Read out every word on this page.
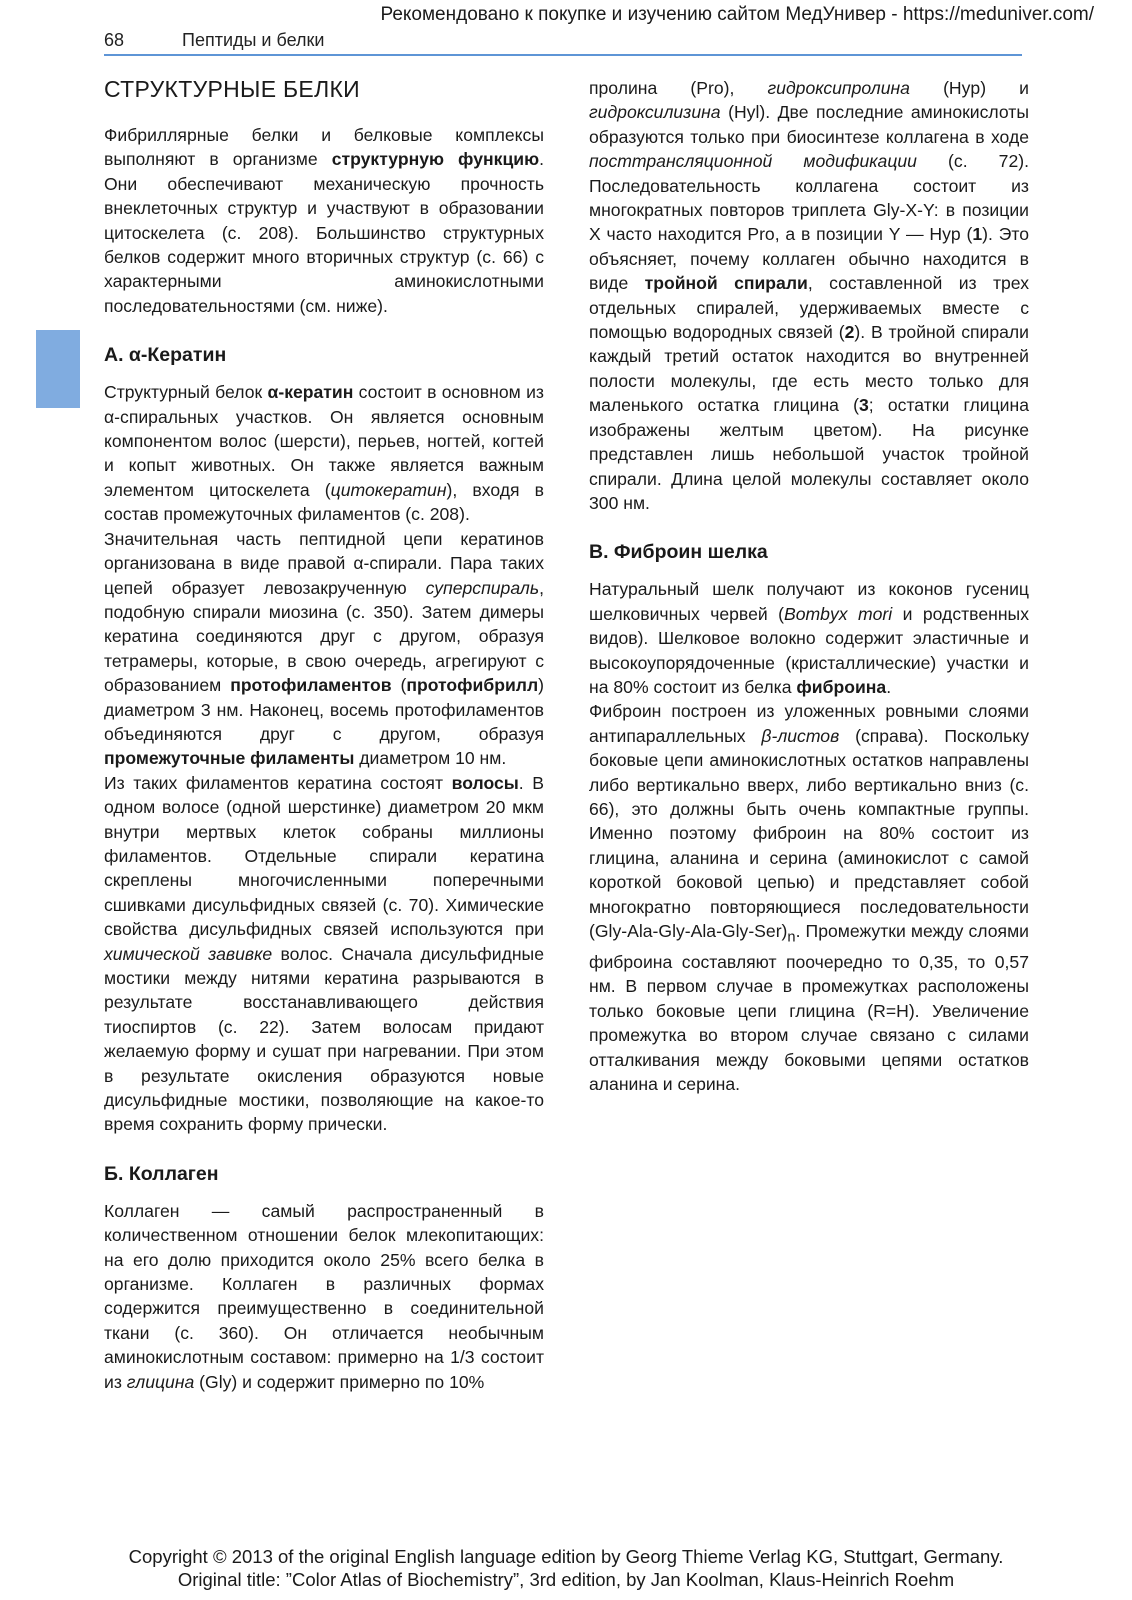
Рекомендовано к покупке и изучению сайтом МедУнивер - https://meduniver.com/
68	Пептиды и белки
СТРУКТУРНЫЕ БЕЛКИ

Фибриллярные белки и белковые комплексы выполняют в организме структурную функцию. Они обеспечивают механическую прочность внеклеточных структур и участвуют в образовании цитоскелета (с. 208). Большинство структурных белков содержит много вторичных структур (с. 66) с характерными аминокислотными последовательностями (см. ниже).

А. α-Кератин

Структурный белок α-кератин состоит в основном из α-спиральных участков. Он является основным компонентом волос (шерсти), перьев, ногтей, когтей и копыт животных. Он также является важным элементом цитоскелета (цитокератин), входя в состав промежуточных филаментов (с. 208).

Значительная часть пептидной цепи кератинов организована в виде правой α-спирали. Пара таких цепей образует левозакрученную суперспираль, подобную спирали миозина (с. 350). Затем димеры кератина соединяются друг с другом, образуя тетрамеры, которые, в свою очередь, агрегируют с образованием протофиламентов (протофибрилл) диаметром 3 нм. Наконец, восемь протофиламентов объединяются друг с другом, образуя промежуточные филаменты диаметром 10 нм.

Из таких филаментов кератина состоят волосы. В одном волосе (одной шерстинке) диаметром 20 мкм внутри мертвых клеток собраны миллионы филаментов. Отдельные спирали кератина скреплены многочисленными поперечными сшивками дисульфидных связей (с. 70). Химические свойства дисульфидных связей используются при химической завивке волос. Сначала дисульфидные мостики между нитями кератина разрываются в результате восстанавливающего действия тиоспиртов (с. 22). Затем волосам придают желаемую форму и сушат при нагревании. При этом в результате окисления образуются новые дисульфидные мостики, позволяющие на какое-то время сохранить форму прически.

Б. Коллаген

Коллаген — самый распространенный в количественном отношении белок млекопитающих: на его долю приходится около 25% всего белка в организме. Коллаген в различных формах содержится преимущественно в соединительной ткани (с. 360). Он отличается необычным аминокислотным составом: примерно на 1/3 состоит из глицина (Gly) и содержит примерно по 10%

пролина (Pro), гидроксипролина (Hyp) и гидроксилизина (Hyl). Две последние аминокислоты образуются только при биосинтезе коллагена в ходе посттрансляционной модификации (с. 72). Последовательность коллагена состоит из многократных повторов триплета Gly-X-Y: в позиции X часто находится Pro, а в позиции Y — Hyp (1). Это объясняет, почему коллаген обычно находится в виде тройной спирали, составленной из трех отдельных спиралей, удерживаемых вместе с помощью водородных связей (2). В тройной спирали каждый третий остаток находится во внутренней полости молекулы, где есть место только для маленького остатка глицина (3; остатки глицина изображены желтым цветом). На рисунке представлен лишь небольшой участок тройной спирали. Длина целой молекулы составляет около 300 нм.

В. Фиброин шелка

Натуральный шелк получают из коконов гусениц шелковичных червей (Bombyx mori и родственных видов). Шелковое волокно содержит эластичные и высокоупорядоченные (кристаллические) участки и на 80% состоит из белка фиброина.

Фиброин построен из уложенных ровными слоями антипараллельных β-листов (справа). Поскольку боковые цепи аминокислотных остатков направлены либо вертикально вверх, либо вертикально вниз (с. 66), это должны быть очень компактные группы. Именно поэтому фиброин на 80% состоит из глицина, аланина и серина (аминокислот с самой короткой боковой цепью) и представляет собой многократно повторяющиеся последовательности $(Gly-Ala-Gly-Ala-Gly-Ser)_n$. Промежутки между слоями фиброина составляют поочередно то 0,35, то 0,57 нм. В первом случае в промежутках расположены только боковые цепи глицина (R=H). Увеличение промежутка во втором случае связано с силами отталкивания между боковыми цепями остатков аланина и серина.

Copyright © 2013 of the original English language edition by Georg Thieme Verlag KG, Stuttgart, Germany.
Original title: ”Color Atlas of Biochemistry”, 3rd edition, by Jan Koolman, Klaus-Heinrich Roehm
